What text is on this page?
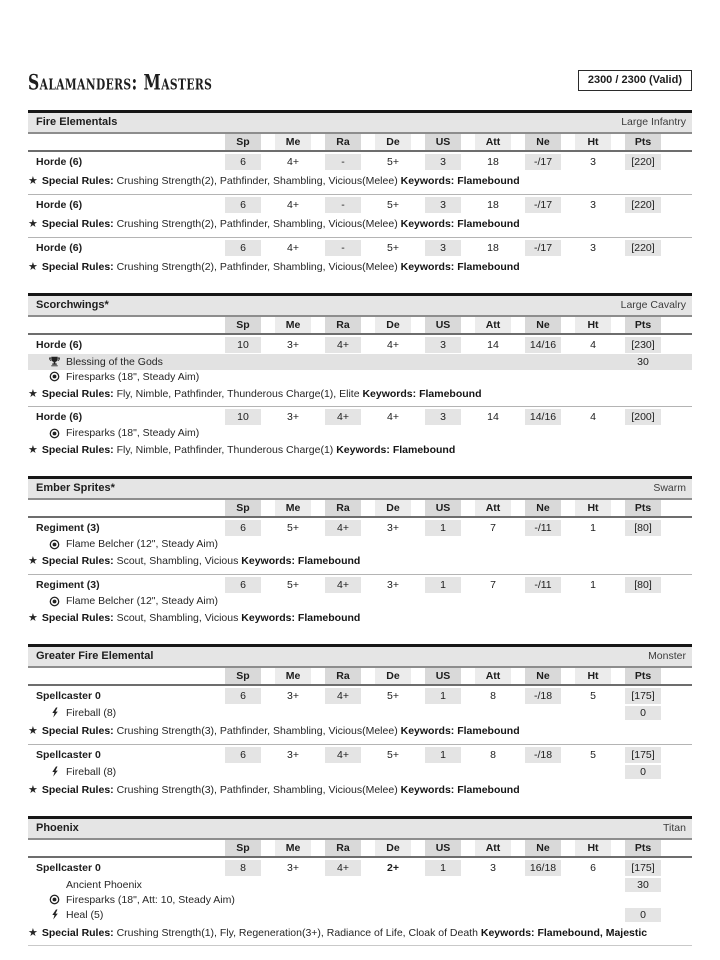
Salamanders: Masters	2300 / 2300 (Valid)
Fire Elementals	Large Infantry
Sp	Me	Ra	De	US	Att	Ne	Ht	Pts
Horde (6)	6	4+	-	5+	3	18	-/17	3	[220]
★ Special Rules: Crushing Strength(2), Pathfinder, Shambling, Vicious(Melee) Keywords: Flamebound
Horde (6)	6	4+	-	5+	3	18	-/17	3	[220]
★ Special Rules: Crushing Strength(2), Pathfinder, Shambling, Vicious(Melee) Keywords: Flamebound
Horde (6)	6	4+	-	5+	3	18	-/17	3	[220]
★ Special Rules: Crushing Strength(2), Pathfinder, Shambling, Vicious(Melee) Keywords: Flamebound
Scorchwings*	Large Cavalry
Sp	Me	Ra	De	US	Att	Ne	Ht	Pts
Horde (6)	10	3+	4+	4+	3	14	14/16	4	[230]
Blessing of the Gods	30
Firesparks (18", Steady Aim)
★ Special Rules: Fly, Nimble, Pathfinder, Thunderous Charge(1), Elite Keywords: Flamebound
Horde (6)	10	3+	4+	4+	3	14	14/16	4	[200]
Firesparks (18", Steady Aim)
★ Special Rules: Fly, Nimble, Pathfinder, Thunderous Charge(1) Keywords: Flamebound
Ember Sprites*	Swarm
Sp	Me	Ra	De	US	Att	Ne	Ht	Pts
Regiment (3)	6	5+	4+	3+	1	7	-/11	1	[80]
Flame Belcher (12", Steady Aim)
★ Special Rules: Scout, Shambling, Vicious Keywords: Flamebound
Regiment (3)	6	5+	4+	3+	1	7	-/11	1	[80]
Flame Belcher (12", Steady Aim)
★ Special Rules: Scout, Shambling, Vicious Keywords: Flamebound
Greater Fire Elemental	Monster
Sp	Me	Ra	De	US	Att	Ne	Ht	Pts
Spellcaster 0	6	3+	4+	5+	1	8	-/18	5	[175]
Fireball (8)	0
★ Special Rules: Crushing Strength(3), Pathfinder, Shambling, Vicious(Melee) Keywords: Flamebound
Spellcaster 0	6	3+	4+	5+	1	8	-/18	5	[175]
Fireball (8)	0
★ Special Rules: Crushing Strength(3), Pathfinder, Shambling, Vicious(Melee) Keywords: Flamebound
Phoenix	Titan
Sp	Me	Ra	De	US	Att	Ne	Ht	Pts
Spellcaster 0	8	3+	4+	2+	1	3	16/18	6	[175]
Ancient Phoenix	30
Firesparks (18", Att: 10, Steady Aim)
Heal (5)	0
★ Special Rules: Crushing Strength(1), Fly, Regeneration(3+), Radiance of Life, Cloak of Death Keywords: Flamebound, Majestic
